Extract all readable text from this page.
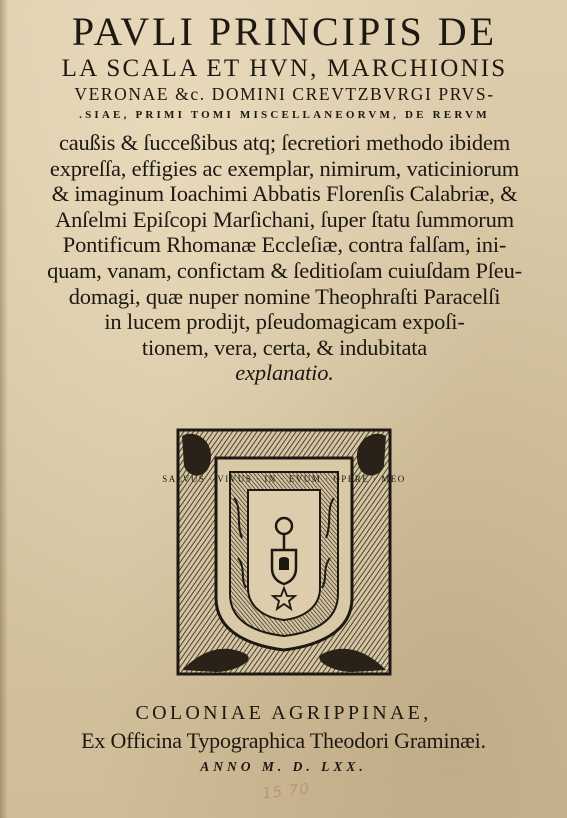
PAVLI PRINCIPIS DE
LA SCALA ET HVN, MARCHIONIS
VERONAE &c. DOMINI CREVTZBVRGI PRVS-
.SIAE, PRIMI TOMI MISCELLANEORVM, DE RERVM
caußis & ſucceßibus atq; ſecretiori methodo ibidem
expreſſa, effigies ac exemplar, nimirum, vaticiniorum
& imaginum Ioachimi Abbatis Florenſis Calabriæ, &
Anſelmi Epiſcopi Marſichani, ſuper ſtatu ſummorum
Pontificum Rhomanæ Eccleſiæ, contra falſam, ini-
quam, vanam, confictam & ſeditioſam cuiuſdam Pſeu-
domagi, quæ nuper nomine Theophraſti Paracelſi
in lucem prodijt, pſeudomagicam expoſi-
tionem, vera, certa, & indubitata
explanatio.
SALVUS · VIVUS · IN · EVUM · OPERE · MEO
COLONIAE AGRIPPINAE,
Ex Officina Typographica Theodori Graminæi.
ANNO M. D. LXX.
15 70
